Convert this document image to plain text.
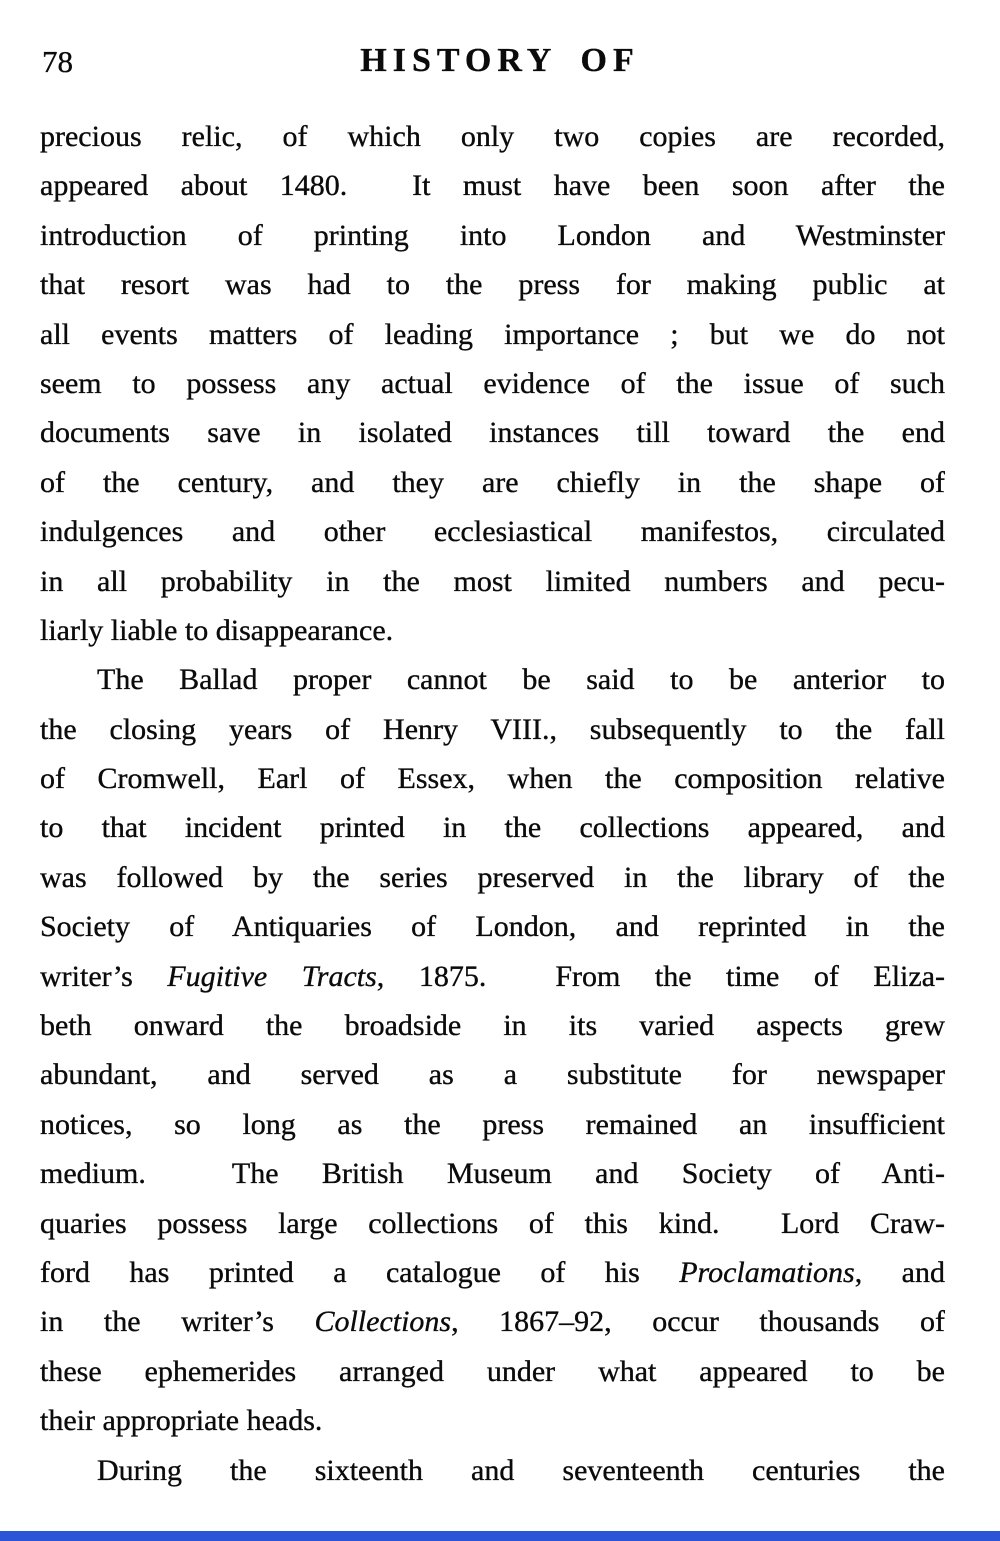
78	HISTORY OF
precious relic, of which only two copies are recorded,
appeared about 1480.  It must have been soon after the
introduction of printing into London and Westminster
that resort was had to the press for making public at
all events matters of leading importance ; but we do not
seem to possess any actual evidence of the issue of such
documents save in isolated instances till toward the end
of the century, and they are chiefly in the shape of
indulgences and other ecclesiastical manifestos, circulated
in all probability in the most limited numbers and pecu-
liarly liable to disappearance.
The Ballad proper cannot be said to be anterior to
the closing years of Henry VIII., subsequently to the fall
of Cromwell, Earl of Essex, when the composition relative
to that incident printed in the collections appeared, and
was followed by the series preserved in the library of the
Society of Antiquaries of London, and reprinted in the
writer’s Fugitive Tracts, 1875.  From the time of Eliza-
beth onward the broadside in its varied aspects grew
abundant, and served as a substitute for newspaper
notices, so long as the press remained an insufficient
medium.  The British Museum and Society of Anti-
quaries possess large collections of this kind.  Lord Craw-
ford has printed a catalogue of his Proclamations, and
in the writer’s Collections, 1867–92, occur thousands of
these ephemerides arranged under what appeared to be
their appropriate heads.
During the sixteenth and seventeenth centuries the
